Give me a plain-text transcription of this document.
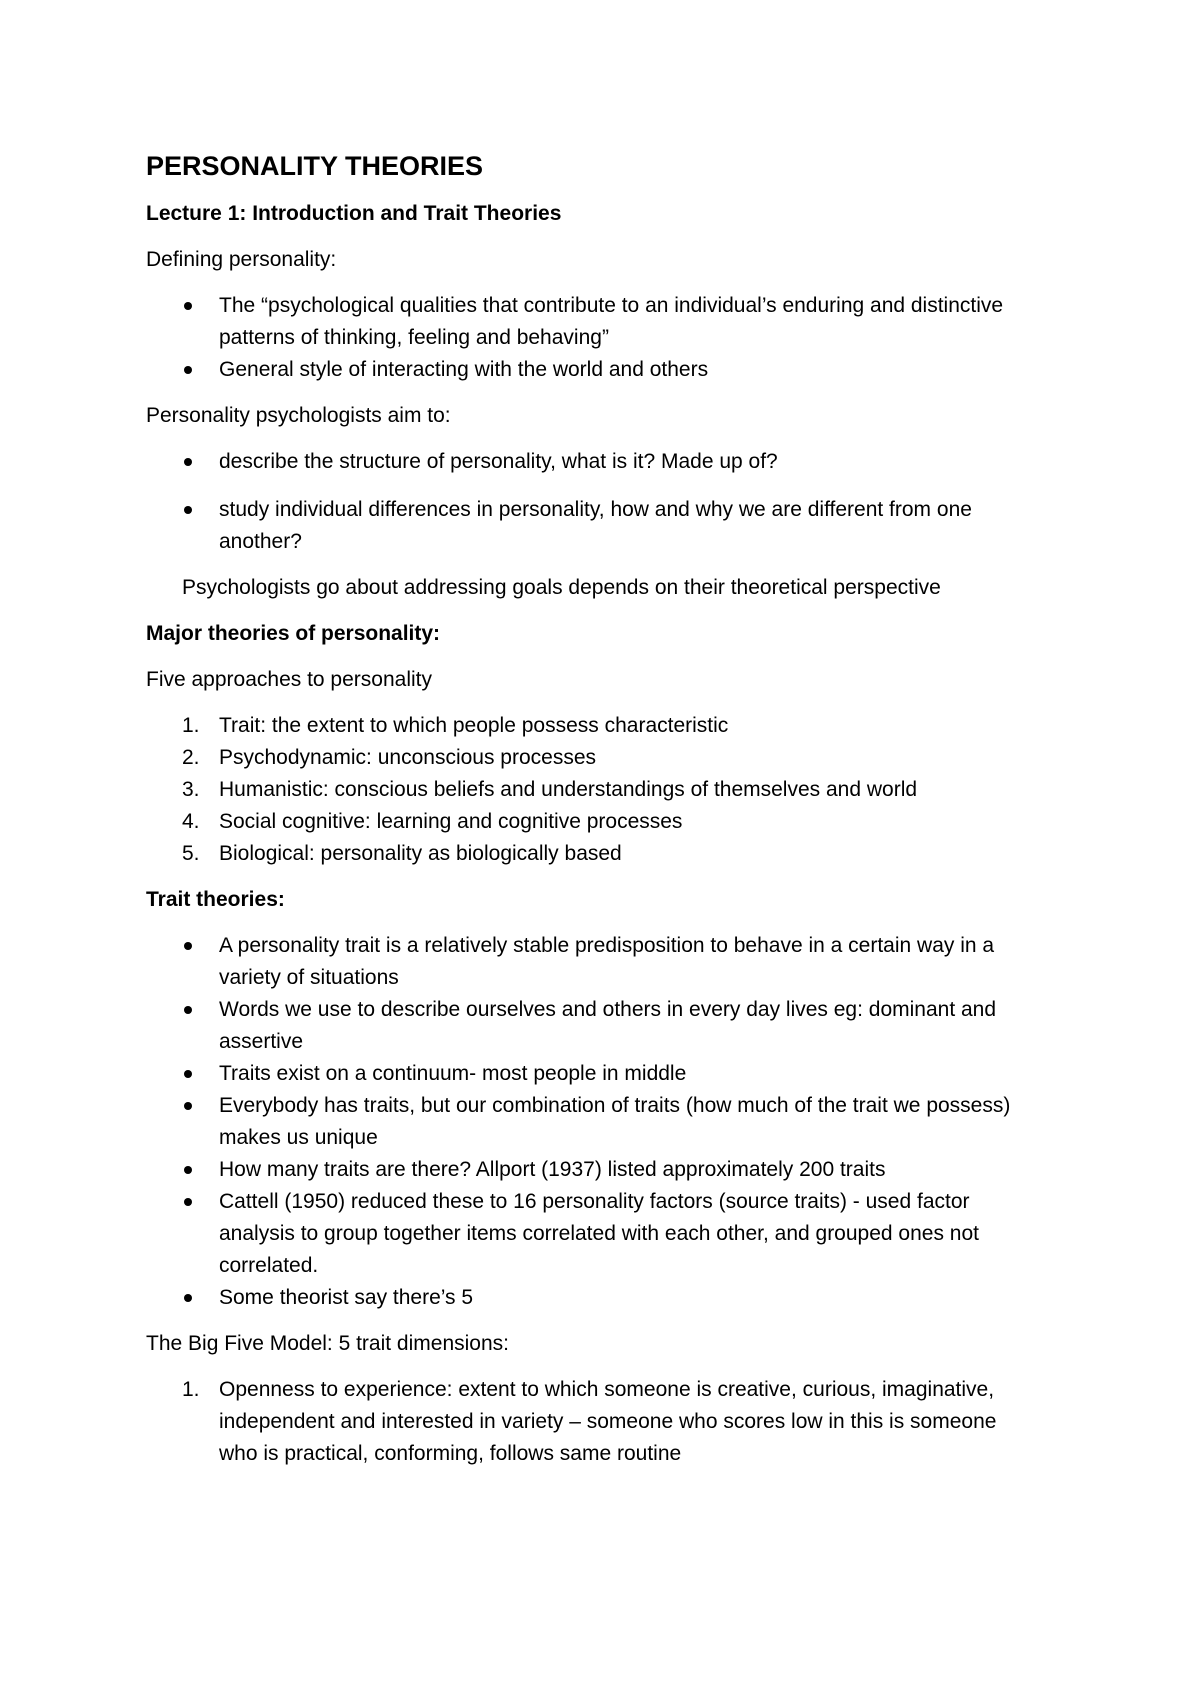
PERSONALITY THEORIES
Lecture 1: Introduction and Trait Theories
Defining personality:
The “psychological qualities that contribute to an individual’s enduring and distinctive patterns of thinking, feeling and behaving”
General style of interacting with the world and others
Personality psychologists aim to:
describe the structure of personality, what is it? Made up of?
study individual differences in personality, how and why we are different from one another?
Psychologists go about addressing goals depends on their theoretical perspective
Major theories of personality:
Five approaches to personality
1. Trait: the extent to which people possess characteristic
2. Psychodynamic: unconscious processes
3. Humanistic: conscious beliefs and understandings of themselves and world
4. Social cognitive: learning and cognitive processes
5. Biological: personality as biologically based
Trait theories:
A personality trait is a relatively stable predisposition to behave in a certain way in a variety of situations
Words we use to describe ourselves and others in every day lives eg: dominant and assertive
Traits exist on a continuum- most people in middle
Everybody has traits, but our combination of traits (how much of the trait we possess) makes us unique
How many traits are there? Allport (1937) listed approximately 200 traits
Cattell (1950) reduced these to 16 personality factors (source traits) - used factor analysis to group together items correlated with each other, and grouped ones not correlated.
Some theorist say there’s 5
The Big Five Model: 5 trait dimensions:
1. Openness to experience: extent to which someone is creative, curious, imaginative, independent and interested in variety – someone who scores low in this is someone who is practical, conforming, follows same routine
